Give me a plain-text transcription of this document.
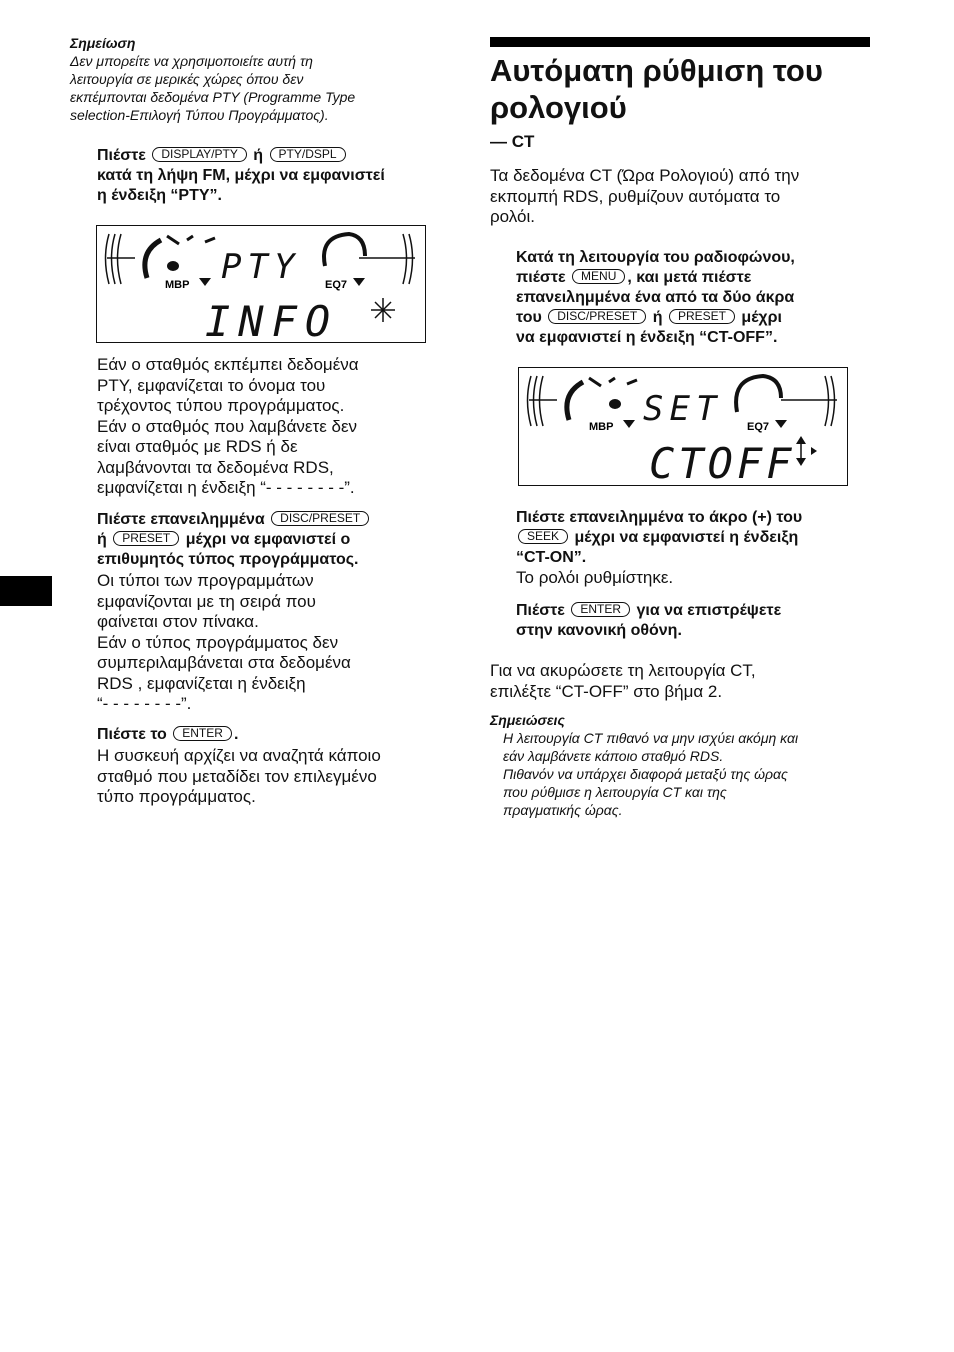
Σημείωση
Δεν μπορείτε να χρησιμοποιείτε αυτή τη
λειτουργία σε μερικές χώρες όπου δεν
εκπέμπονται δεδομένα PTY (Programme Type
selection-Επιλογή Τύπου Προγράμματος).
Πιέστε DISPLAY/PTY ή PTY/DSPL
κατά τη λήψη FM, μέχρι να εμφανιστεί
η ένδειξη “PTY”.
MBP PTY EQ7
INFO
Εάν ο σταθμός εκπέμπει δεδομένα
PTY, εμφανίζεται το όνομα του
τρέχοντος τύπου προγράμματος.
Εάν ο σταθμός που λαμβάνετε δεν
είναι σταθμός με RDS ή δε
λαμβάνονται τα δεδομένα RDS,
εμφανίζεται η ένδειξη “- - - - - - - -”.
Πιέστε επανειλημμένα DISC/PRESET
ή PRESET μέχρι να εμφανιστεί ο
επιθυμητός τύπος προγράμματος.
Οι τύποι των προγραμμάτων
εμφανίζονται με τη σειρά που
φαίνεται στον πίνακα.
Εάν ο τύπος προγράμματος δεν
συμπεριλαμβάνεται στα δεδομένα
RDS , εμφανίζεται η ένδειξη
“- - - - - - - -”.
Πιέστε το ENTER .
Η συσκευή αρχίζει να αναζητά κάποιο
σταθμό που μεταδίδει τον επιλεγμένο
τύπο προγράμματος.
Αυτόματη ρύθμιση του
ρολογιού
— CT
Τα δεδομένα CT (Ώρα Ρολογιού) από την
εκπομπή RDS, ρυθμίζουν αυτόματα το
ρολόι.
Κατά τη λειτουργία του ραδιοφώνου,
πιέστε MENU , και μετά πιέστε
επανειλημμένα ένα από τα δύο άκρα
του DISC/PRESET ή PRESET μέχρι
να εμφανιστεί η ένδειξη “CT-OFF”.
MBP SET EQ7
CTOFF
Πιέστε επανειλημμένα το άκρο (+) του
SEEK μέχρι να εμφανιστεί η ένδειξη
“CT-ON”.
Το ρολόι ρυθμίστηκε.
Πιέστε ENTER για να επιστρέψετε
στην κανονική οθόνη.
Για να ακυρώσετε τη λειτουργία CT,
επιλέξτε “CT-OFF” στο βήμα 2.
Σημειώσεις
Η λειτουργία CT πιθανό να μην ισχύει ακόμη και
εάν λαμβάνετε κάποιο σταθμό RDS.
Πιθανόν να υπάρχει διαφορά μεταξύ της ώρας
που ρύθμισε η λειτουργία CT και της
πραγματικής ώρας.
